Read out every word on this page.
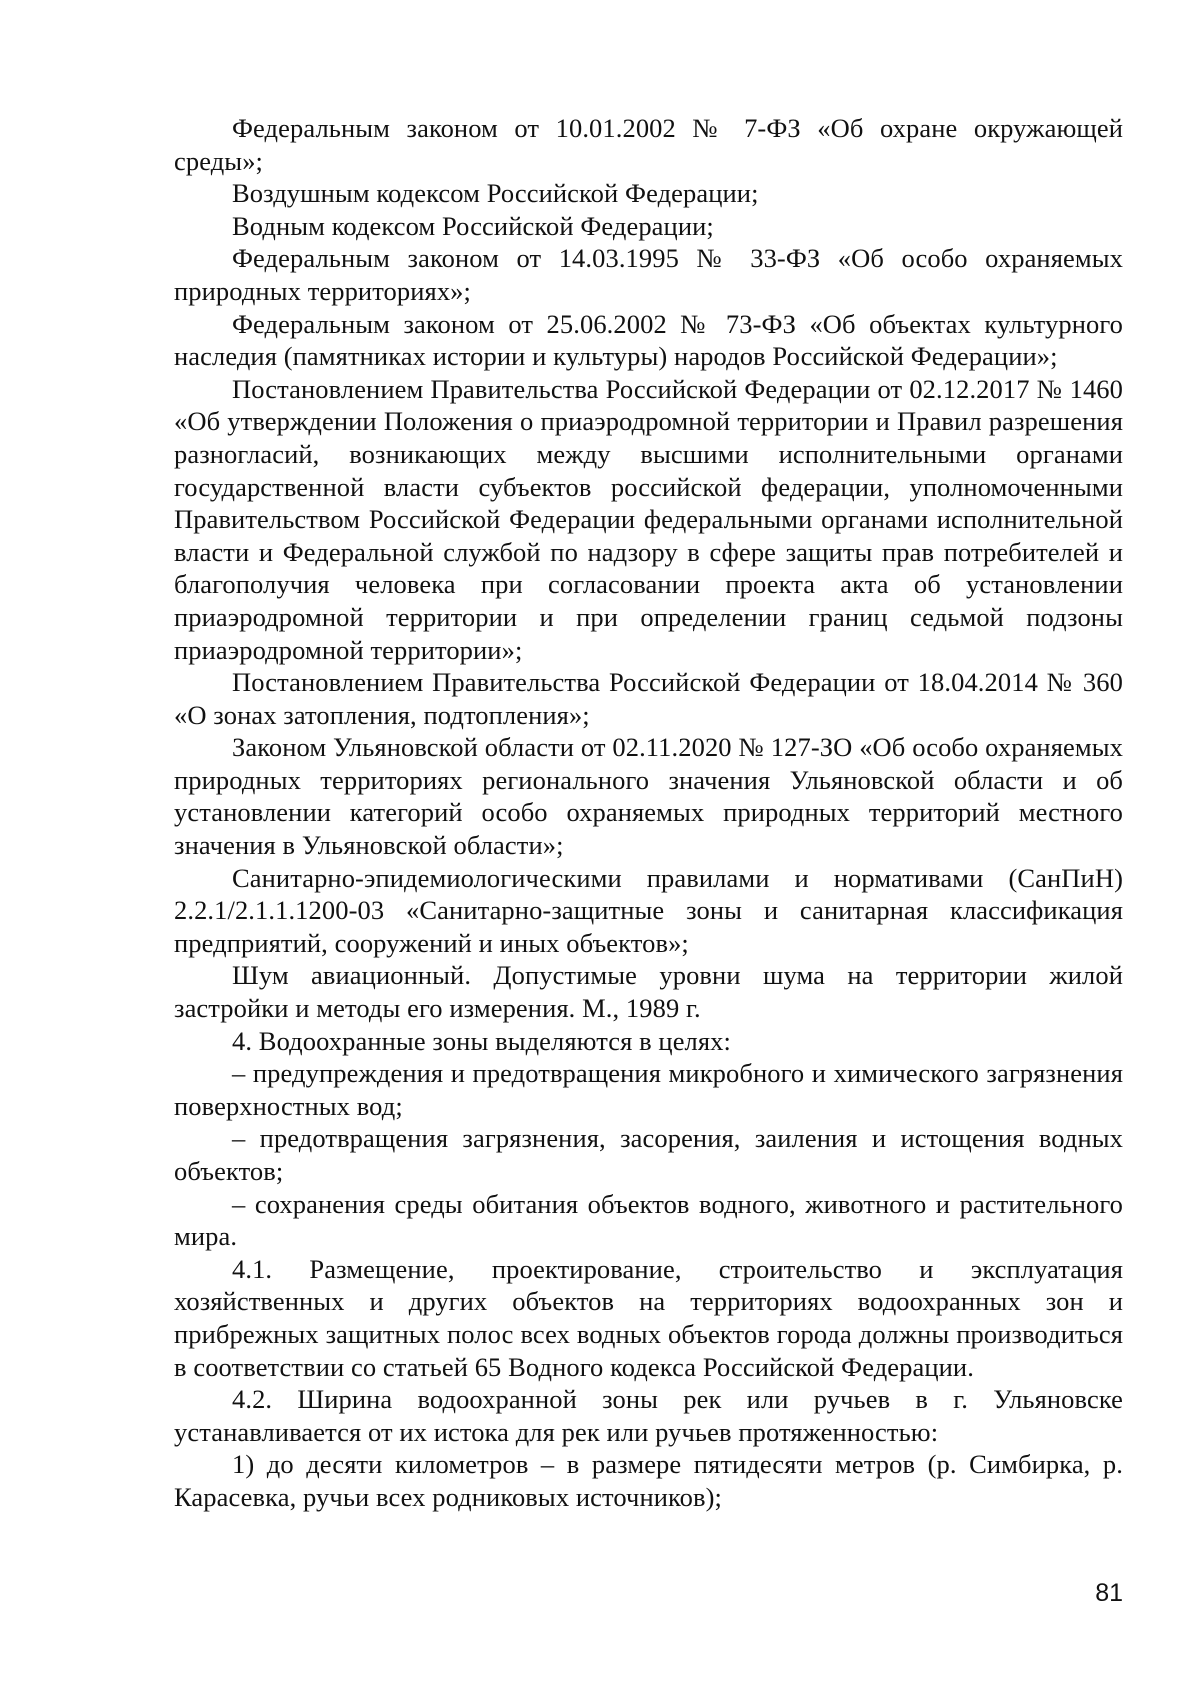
Федеральным законом от 10.01.2002 № 7-ФЗ «Об охране окружающей среды»;

Воздушным кодексом Российской Федерации;

Водным кодексом Российской Федерации;

Федеральным законом от 14.03.1995 № 33-ФЗ «Об особо охраняемых природных территориях»;

Федеральным законом от 25.06.2002 № 73-ФЗ «Об объектах культурного наследия (памятниках истории и культуры) народов Российской Федерации»;

Постановлением Правительства Российской Федерации от 02.12.2017 № 1460 «Об утверждении Положения о приаэродромной территории и Правил разрешения разногласий, возникающих между высшими исполнительными органами государственной власти субъектов российской федерации, уполномоченными Правительством Российской Федерации федеральными органами исполнительной власти и Федеральной службой по надзору в сфере защиты прав потребителей и благополучия человека при согласовании проекта акта об установлении приаэродромной территории и при определении границ седьмой подзоны приаэродромной территории»;

Постановлением Правительства Российской Федерации от 18.04.2014 № 360 «О зонах затопления, подтопления»;

Законом Ульяновской области от 02.11.2020 № 127-ЗО «Об особо охраняемых природных территориях регионального значения Ульяновской области и об установлении категорий особо охраняемых природных территорий местного значения в Ульяновской области»;

Санитарно-эпидемиологическими правилами и нормативами (СанПиН) 2.2.1/2.1.1.1200-03 «Санитарно-защитные зоны и санитарная классификация предприятий, сооружений и иных объектов»;

Шум авиационный. Допустимые уровни шума на территории жилой застройки и методы его измерения. М., 1989 г.

4. Водоохранные зоны выделяются в целях:

– предупреждения и предотвращения микробного и химического загрязнения поверхностных вод;

– предотвращения загрязнения, засорения, заиления и истощения водных объектов;

– сохранения среды обитания объектов водного, животного и растительного мира.

4.1. Размещение, проектирование, строительство и эксплуатация хозяйственных и других объектов на территориях водоохранных зон и прибрежных защитных полос всех водных объектов города должны производиться в соответствии со статьей 65 Водного кодекса Российской Федерации.

4.2. Ширина водоохранной зоны рек или ручьев в г. Ульяновске устанавливается от их истока для рек или ручьев протяженностью:

1) до десяти километров – в размере пятидесяти метров (р. Симбирка, р. Карасевка, ручьи всех родниковых источников);

81
